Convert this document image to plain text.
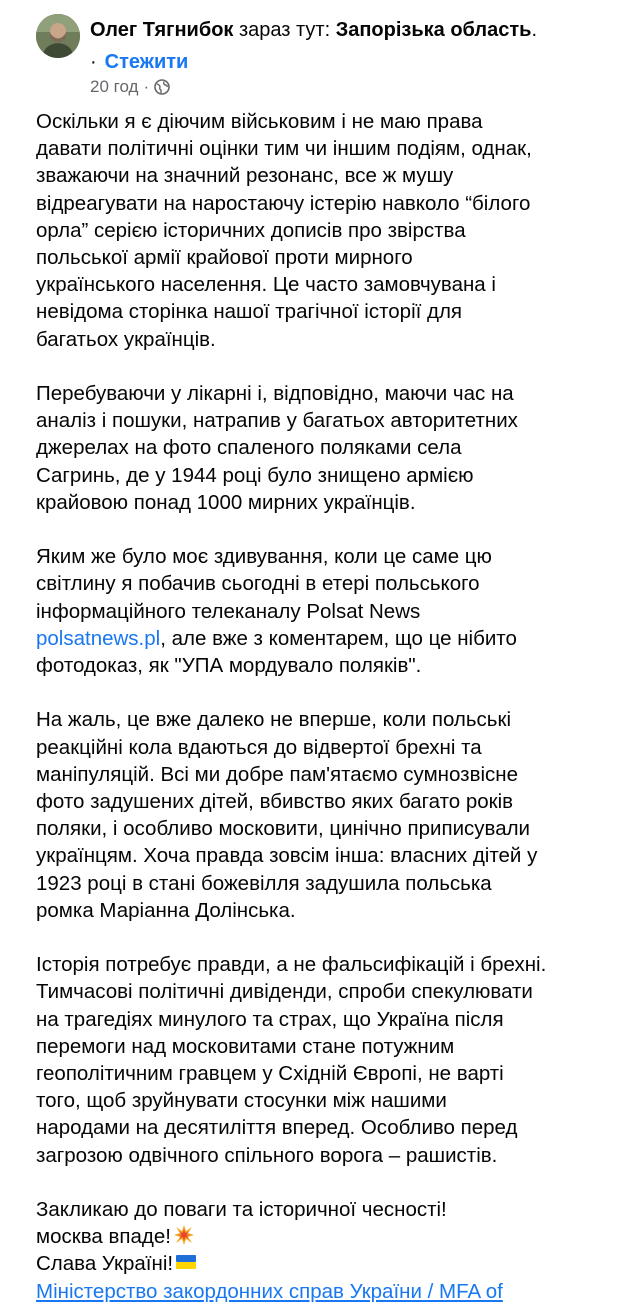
Олег Тягнибок зараз тут: Запорізька область.
· Стежити
20 год ·
Оскільки я є діючим військовим і не маю права
давати політичні оцінки тим чи іншим подіям, однак,
зважаючи на значний резонанс, все ж мушу
відреагувати на наростаючу істерію навколо “білого
орла” серією історичних дописів про звірства
польської армії крайової проти мирного
українського населення. Це часто замовчувана і
невідома сторінка нашої трагічної історії для
багатьох українців.
Перебуваючи у лікарні і, відповідно, маючи час на
аналіз і пошуки, натрапив у багатьох авторитетних
джерелах на фото спаленого поляками села
Сагринь, де у 1944 році було знищено армією
крайовою понад 1000 мирних українців.
Яким же було моє здивування, коли це саме цю
світлину я побачив сьогодні в етері польського
інформаційного телеканалу Polsat News
polsatnews.pl, але вже з коментарем, що це нібито
фотодоказ, як "УПА мордувало поляків".
На жаль, це вже далеко не вперше, коли польські
реакційні кола вдаються до відвертої брехні та
маніпуляцій. Всі ми добре пам'ятаємо сумнозвісне
фото задушених дітей, вбивство яких багато років
поляки, і особливо московити, цинічно приписували
українцям. Хоча правда зовсім інша: власних дітей у
1923 році в стані божевілля задушила польська
ромка Маріанна Долінська.
Історія потребує правди, а не фальсифікацій і брехні.
Тимчасові політичні дивіденди, спроби спекулювати
на трагедіях минулого та страх, що Україна після
перемоги над московитами стане потужним
геополітичним гравцем у Східній Європі, не варті
того, щоб зруйнувати стосунки між нашими
народами на десятиліття вперед. Особливо перед
загрозою одвічного спільного ворога – рашистів.
Закликаю до поваги та історичної чесності!
москва впаде!
Слава Україні!
Міністерство закордонних справ України / MFA of
